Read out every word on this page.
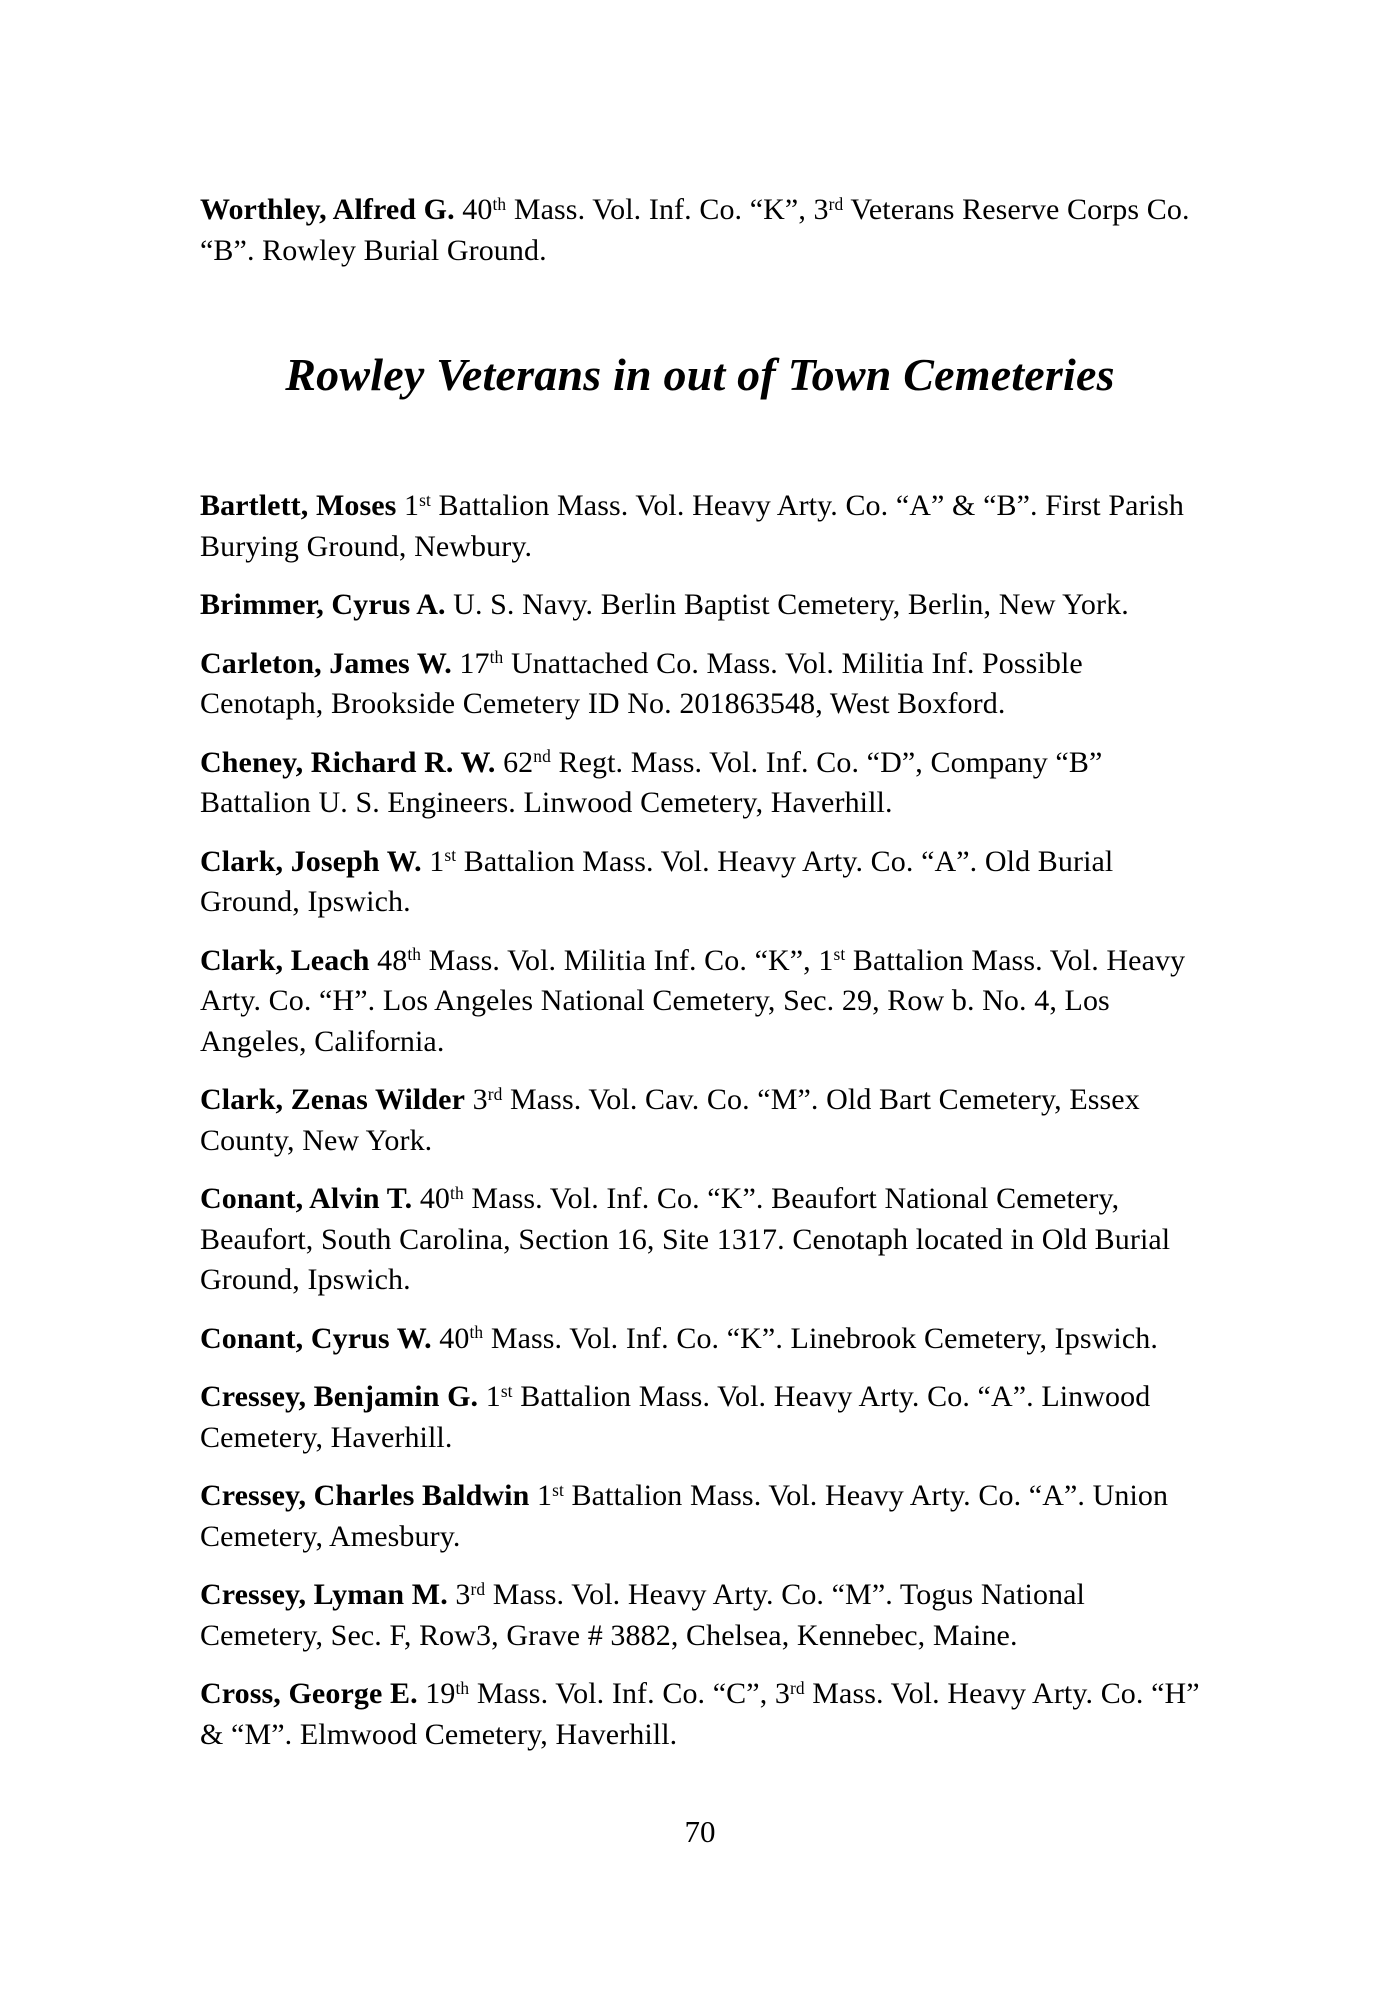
Worthley, Alfred G. 40th Mass. Vol. Inf. Co. “K”, 3rd Veterans Reserve Corps Co. “B”. Rowley Burial Ground.

Rowley Veterans in out of Town Cemeteries

Bartlett, Moses 1st Battalion Mass. Vol. Heavy Arty. Co. “A” & “B”. First Parish Burying Ground, Newbury.

Brimmer, Cyrus A. U. S. Navy. Berlin Baptist Cemetery, Berlin, New York.

Carleton, James W. 17th Unattached Co. Mass. Vol. Militia Inf. Possible Cenotaph, Brookside Cemetery ID No. 201863548, West Boxford.

Cheney, Richard R. W. 62nd Regt. Mass. Vol. Inf. Co. “D”, Company “B” Battalion U. S. Engineers. Linwood Cemetery, Haverhill.

Clark, Joseph W. 1st Battalion Mass. Vol. Heavy Arty. Co. “A”. Old Burial Ground, Ipswich.

Clark, Leach 48th Mass. Vol. Militia Inf. Co. “K”, 1st Battalion Mass. Vol. Heavy Arty. Co. “H”. Los Angeles National Cemetery, Sec. 29, Row b. No. 4, Los Angeles, California.

Clark, Zenas Wilder 3rd Mass. Vol. Cav. Co. “M”. Old Bart Cemetery, Essex County, New York.

Conant, Alvin T. 40th Mass. Vol. Inf. Co. “K”. Beaufort National Cemetery, Beaufort, South Carolina, Section 16, Site 1317. Cenotaph located in Old Burial Ground, Ipswich.

Conant, Cyrus W. 40th Mass. Vol. Inf. Co. “K”. Linebrook Cemetery, Ipswich.

Cressey, Benjamin G. 1st Battalion Mass. Vol. Heavy Arty. Co. “A”. Linwood Cemetery, Haverhill.

Cressey, Charles Baldwin 1st Battalion Mass. Vol. Heavy Arty. Co. “A”. Union Cemetery, Amesbury.

Cressey, Lyman M. 3rd Mass. Vol. Heavy Arty. Co. “M”. Togus National Cemetery, Sec. F, Row3, Grave # 3882, Chelsea, Kennebec, Maine.

Cross, George E. 19th Mass. Vol. Inf. Co. “C”, 3rd Mass. Vol. Heavy Arty. Co. “H” & “M”. Elmwood Cemetery, Haverhill.

70
